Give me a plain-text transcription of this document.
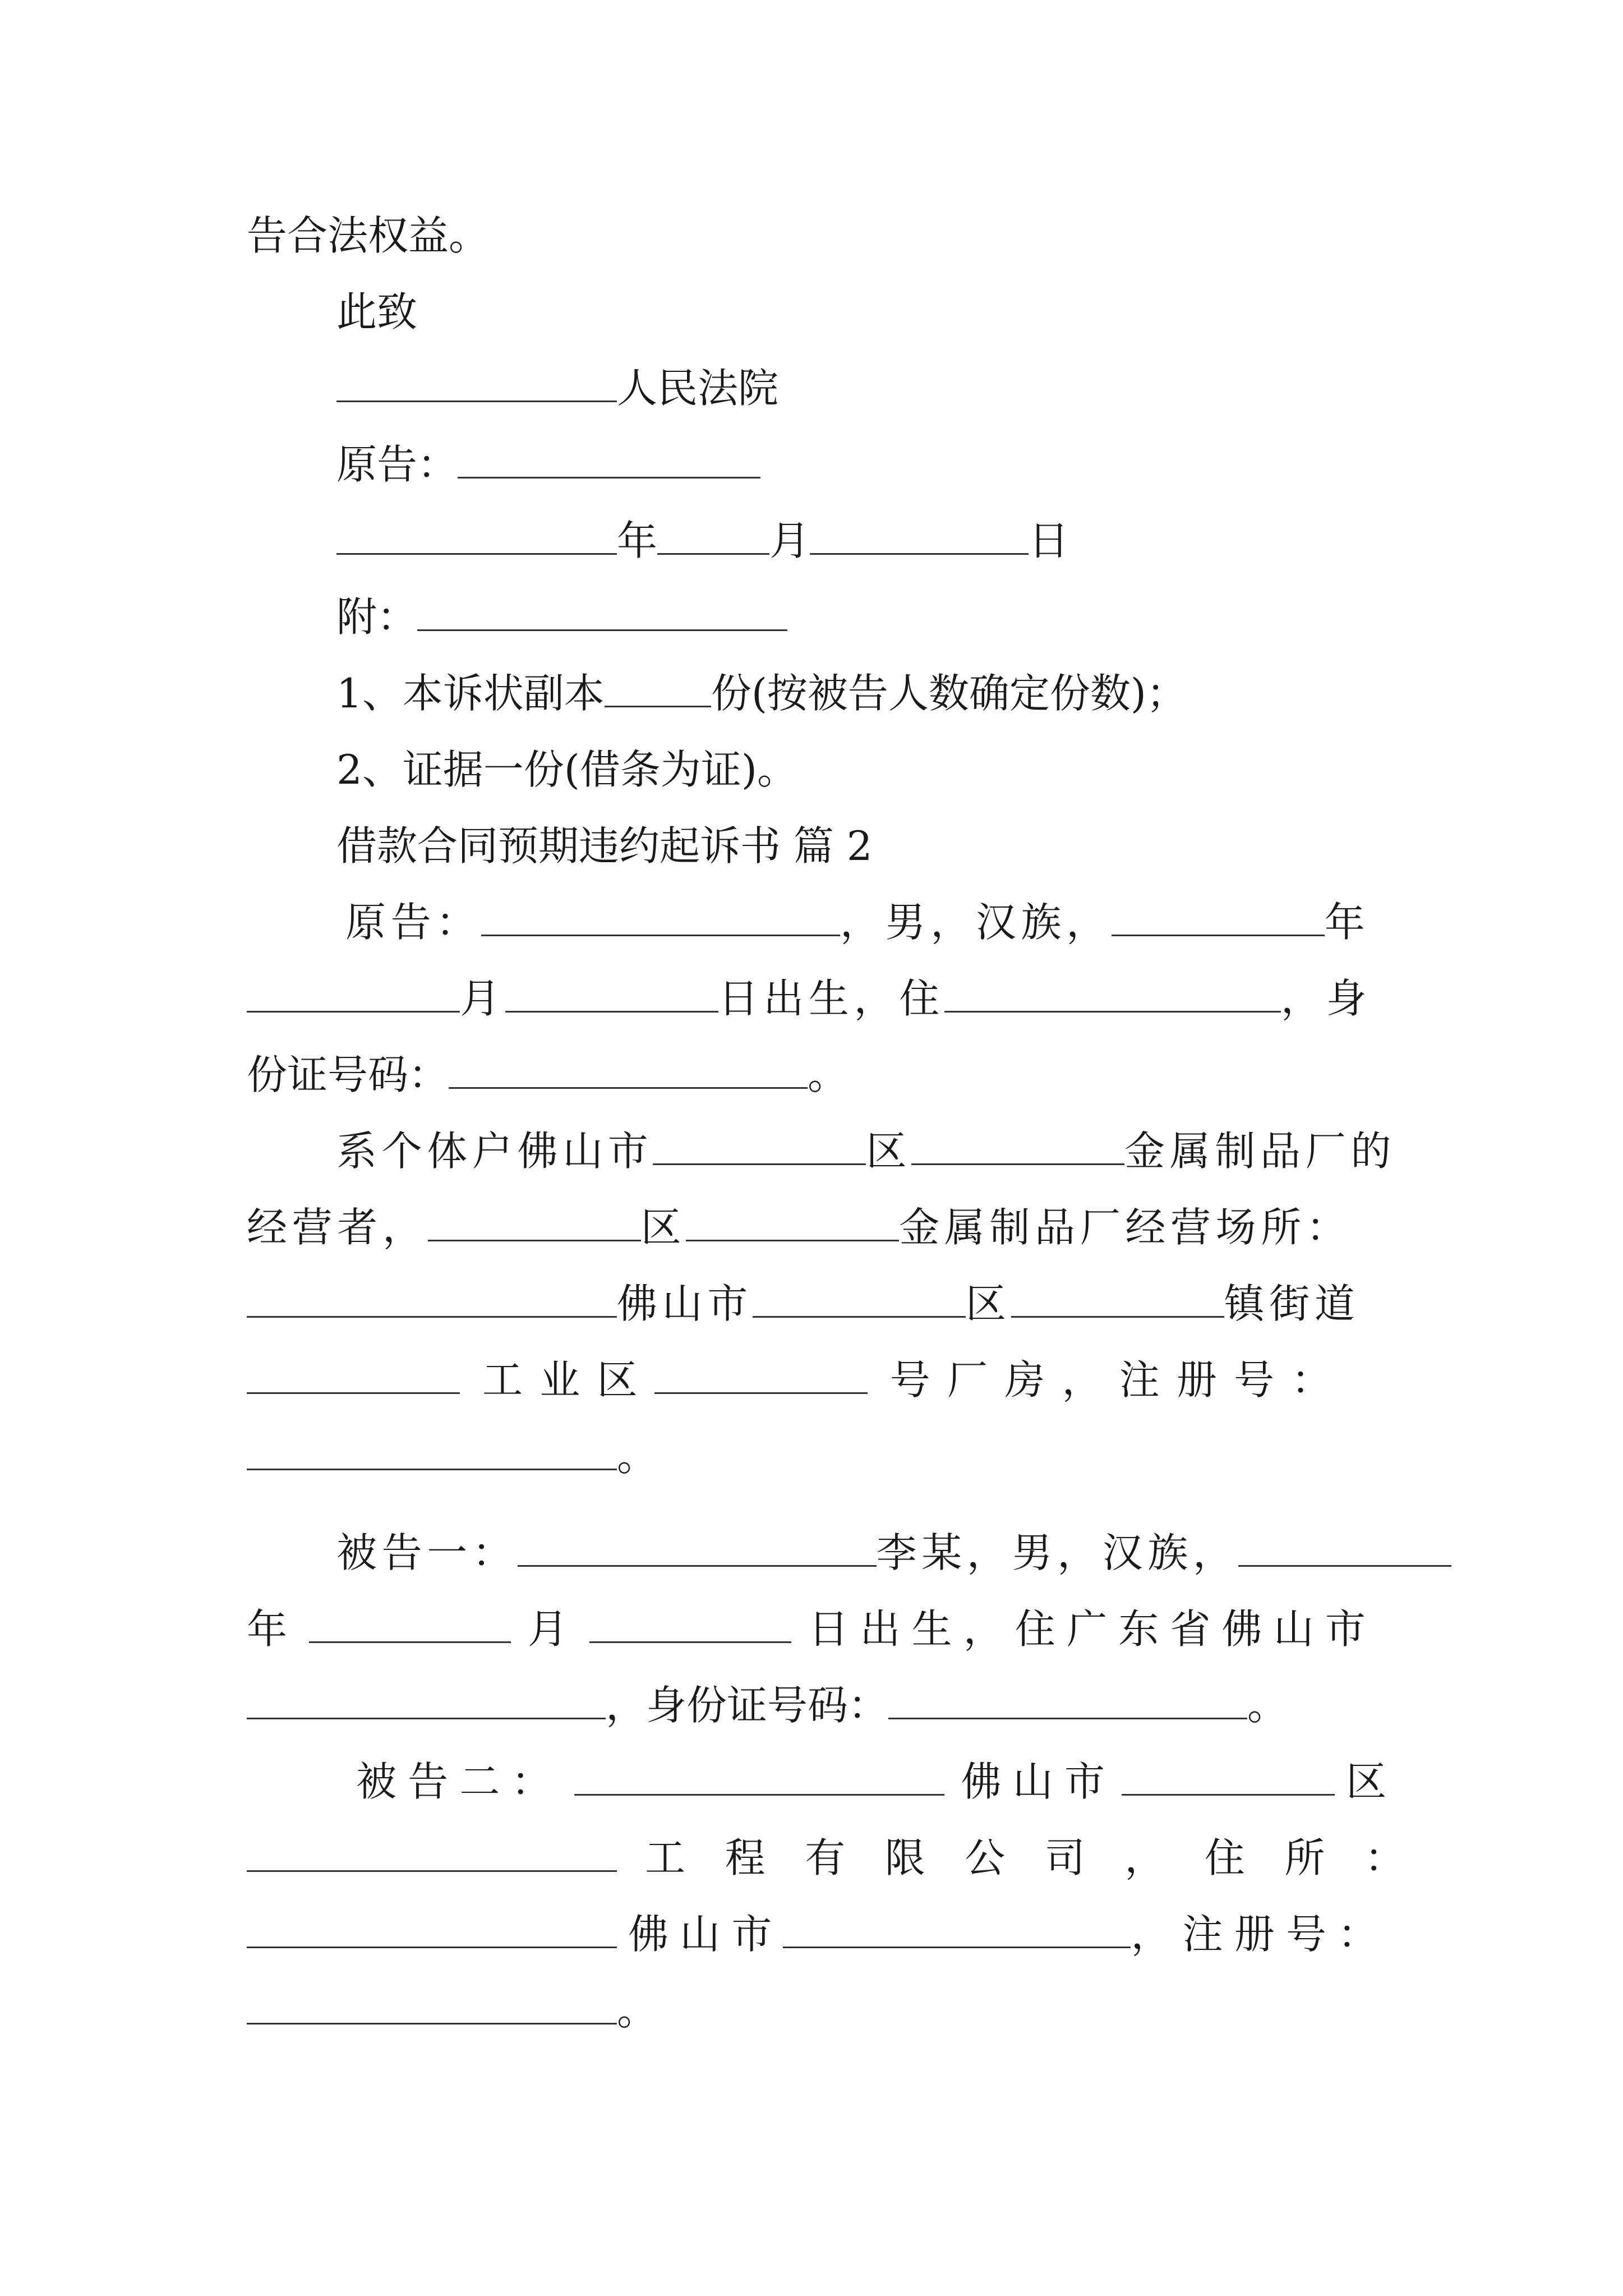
告合法权益。
此致
人民法院
原告：
年	月	日
附：
1、本诉状副本	份(按被告人数确定份数)；
2、证据一份(借条为证)。
借款合同预期违约起诉书 篇 2
原告：	，男，汉族，	年
月	日出生，住	，身
份证号码：	。
系个体户佛山市	区	金属制品厂的
经营者，	区	金属制品厂经营场所：
佛山市	区	镇街道
工业区	号厂房，注册号：
。
被告一：	李某，男，汉族，
年	月	日出生，住广东省佛山市
，身份证号码：	。
被告二：	佛山市	区
工程有限公司，住所：
佛山市	，注册号：
。
